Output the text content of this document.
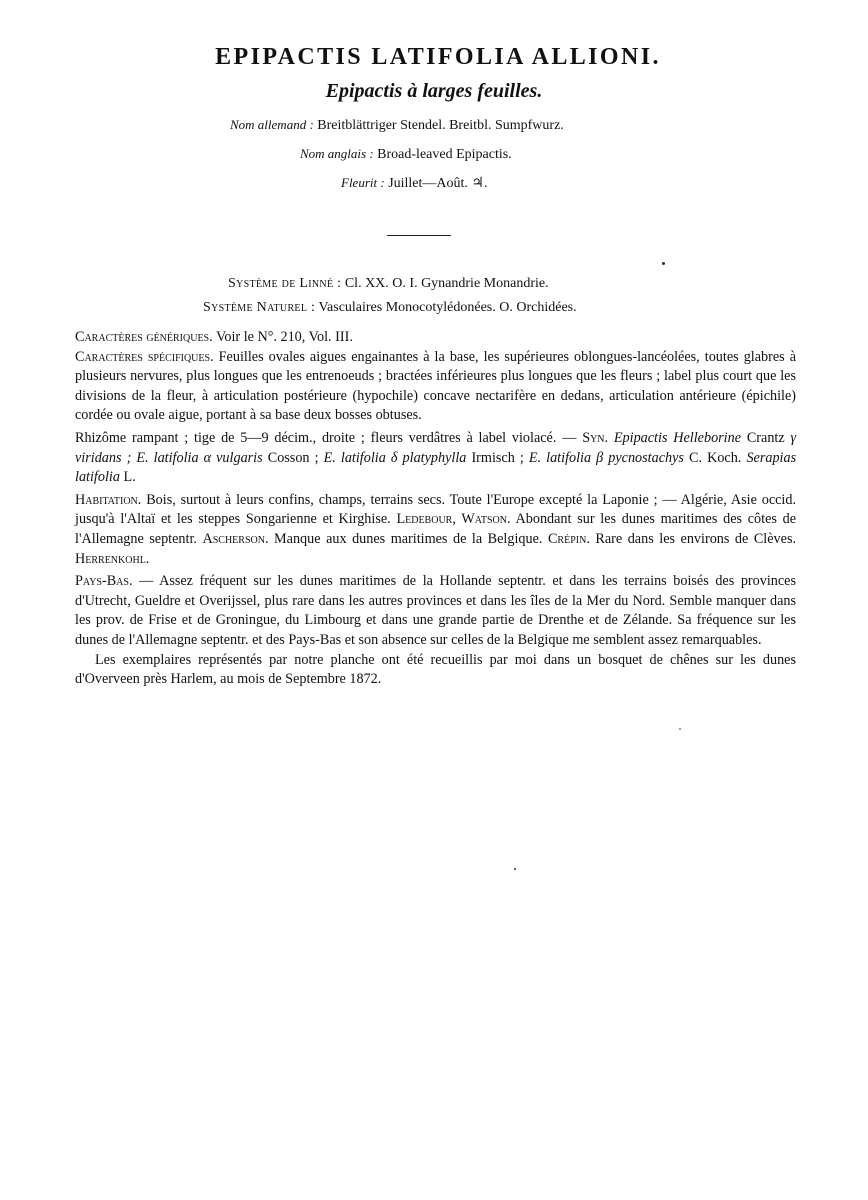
EPIPACTIS LATIFOLIA ALLIONI.
Epipactis à larges feuilles.
Nom allemand : Breitblättriger Stendel. Breitbl. Sumpfwurz.
Nom anglais : Broad-leaved Epipactis.
Fleurit : Juillet—Août. ♃.
Système de Linné : Cl. XX. O. I. Gynandrie Monandrie.
Système Naturel : Vasculaires Monocotylédonées. O. Orchidées.

Caractères génériques. Voir le N°. 210, Vol. III.

Caractères spécifiques. Feuilles ovales aigues engainantes à la base, les supérieures oblongues-lancéolées, toutes glabres à plusieurs nervures, plus longues que les entrenoeuds ; bractées inférieures plus longues que les fleurs ; label plus court que les divisions de la fleur, à articulation postérieure (hypochile) concave nectarifère en dedans, articulation antérieure (épichile) cordée ou ovale aigue, portant à sa base deux bosses obtuses.

Rhizôme rampant ; tige de 5—9 décim., droite ; fleurs verdâtres à label violacé. — Syn. Epipactis Helleborine Crantz γ viridans ; E. latifolia α vulgaris Cosson ; E. latifolia δ platyphylla Irmisch ; E. latifolia β pycnostachys C. Koch. Serapias latifolia L.

Habitation. Bois, surtout à leurs confins, champs, terrains secs. Toute l'Europe excepté la Laponie ; — Algérie, Asie occid. jusqu'à l'Altaï et les steppes Songarienne et Kirghise. Ledebour, Watson. Abondant sur les dunes maritimes des côtes de l'Allemagne septentr. Ascherson. Manque aux dunes maritimes de la Belgique. Crépin. Rare dans les environs de Clèves. Herrenkohl.

Pays-Bas. — Assez fréquent sur les dunes maritimes de la Hollande septentr. et dans les terrains boisés des provinces d'Utrecht, Gueldre et Overijssel, plus rare dans les autres provinces et dans les îles de la Mer du Nord. Semble manquer dans les prov. de Frise et de Groningue, du Limbourg et dans une grande partie de Drenthe et de Zélande. Sa fréquence sur les dunes de l'Allemagne septentr. et des Pays-Bas et son absence sur celles de la Belgique me semblent assez remarquables.

Les exemplaires représentés par notre planche ont été recueillis par moi dans un bosquet de chênes sur les dunes d'Overveen près Harlem, au mois de Septembre 1872.
